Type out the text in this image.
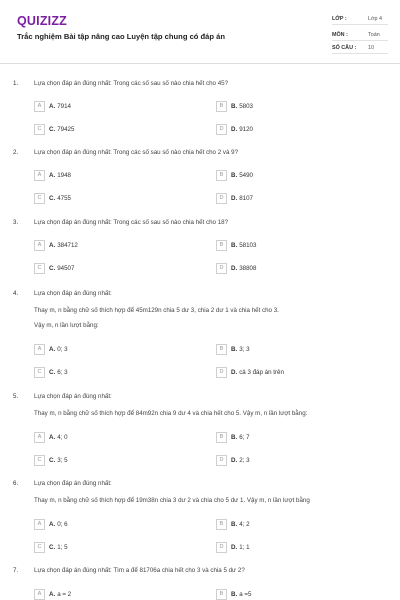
QUIZIZZ
Trắc nghiệm Bài tập nâng cao Luyện tập chung có đáp án
LỚP :	Lớp 4
MÔN :	Toán
SỐ CÂU : 10
1.	Lựa chọn đáp án đúng nhất: Trong các số sau số nào chia hết cho 45?
A	A. 7914	B	B. 5803
C	C. 79425	D	D. 9120
2.	Lựa chọn đáp án đúng nhất: Trong các số sau số nào chia hết cho 2 và 9?
A	A. 1948	B	B. 5490
C	C. 4755	D	D. 8107
3.	Lựa chọn đáp án đúng nhất: Trong các số sau số nào chia hết cho 18?
A	A. 384712	B	B. 58103
C	C. 94507	D	D. 38808
4.	Lựa chọn đáp án đúng nhất:
Thay m, n bằng chữ số thích hợp để 45m129n chia 5 dư 3, chia 2 dư 1 và chia hết cho 3.
Vậy m, n lần lượt bằng:
A	A. 0; 3	B	B. 3; 3
C	C. 6; 3	D	D. cả 3 đáp án trên
5.	Lựa chọn đáp án đúng nhất:
Thay m, n bằng chữ số thích hợp để 84m92n chia 9 dư 4 và chia hết cho 5. Vậy m, n lần lượt bằng:
A	A. 4; 0	B	B. 6; 7
C	C. 3; 5	D	D. 2; 3
6.	Lựa chọn đáp án đúng nhất:
Thay m, n bằng chữ số thích hợp để 19m38n chia 3 dư 2 và chia cho 5 dư 1. Vậy m, n lần lượt bằng
A	A. 0; 6	B	B. 4; 2
C	C. 1; 5	D	D. 1; 1
7.	Lựa chọn đáp án đúng nhất: Tìm a để 81706a chia hết cho 3 và chia 5 dư 2?
A	A. a = 2	B	B. a =5
